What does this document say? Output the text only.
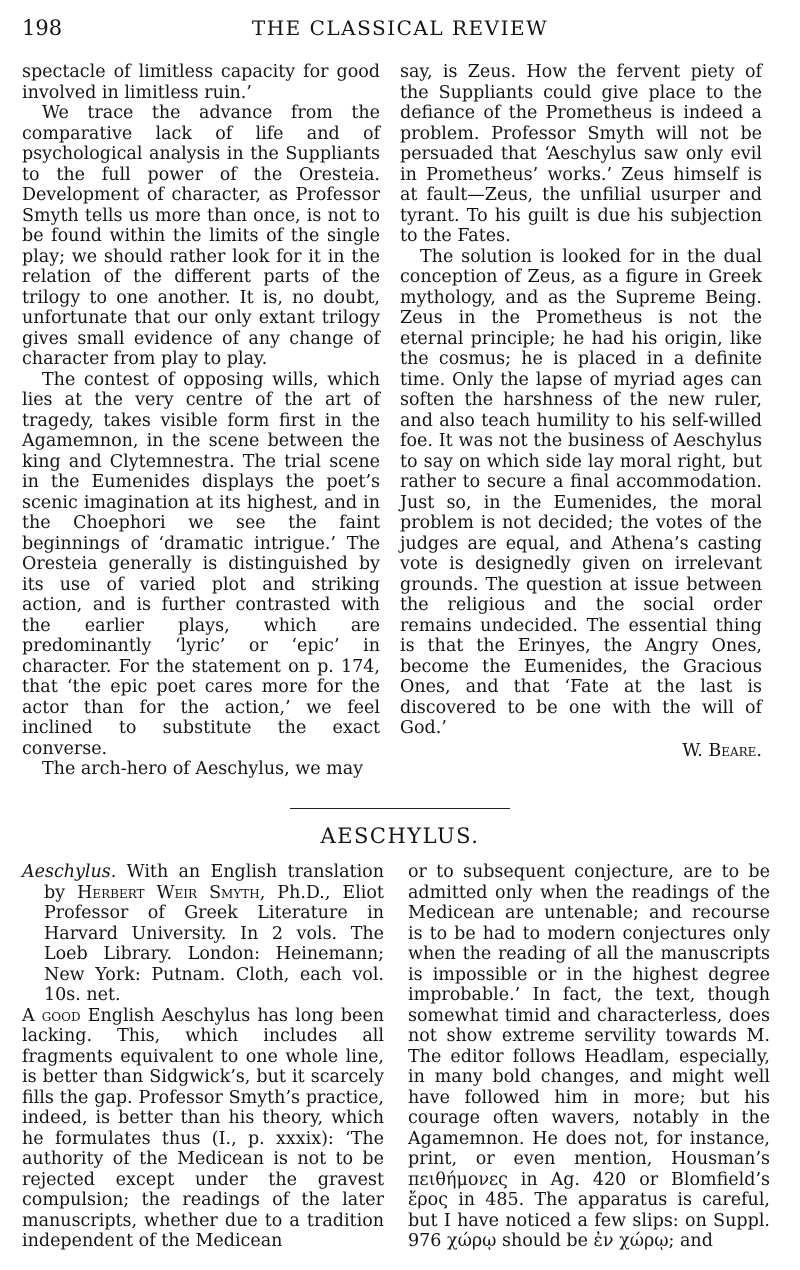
198	THE CLASSICAL REVIEW

spectacle of limitless capacity for good involved in limitless ruin.’

We trace the advance from the comparative lack of life and of psychological analysis in the Suppliants to the full power of the Oresteia. Development of character, as Professor Smyth tells us more than once, is not to be found within the limits of the single play; we should rather look for it in the relation of the different parts of the trilogy to one another. It is, no doubt, unfortunate that our only extant trilogy gives small evidence of any change of character from play to play.

The contest of opposing wills, which lies at the very centre of the art of tragedy, takes visible form first in the Agamemnon, in the scene between the king and Clytemnestra. The trial scene in the Eumenides displays the poet’s scenic imagination at its highest, and in the Choephori we see the faint beginnings of ‘dramatic intrigue.’ The Oresteia generally is distinguished by its use of varied plot and striking action, and is further contrasted with the earlier plays, which are predominantly ‘lyric’ or ‘epic’ in character. For the statement on p. 174, that ‘the epic poet cares more for the actor than for the action,’ we feel inclined to substitute the exact converse.

The arch-hero of Aeschylus, we may

say, is Zeus. How the fervent piety of the Suppliants could give place to the defiance of the Prometheus is indeed a problem. Professor Smyth will not be persuaded that ‘Aeschylus saw only evil in Prometheus’ works.’ Zeus himself is at fault—Zeus, the unfilial usurper and tyrant. To his guilt is due his subjection to the Fates.

The solution is looked for in the dual conception of Zeus, as a figure in Greek mythology, and as the Supreme Being. Zeus in the Prometheus is not the eternal principle; he had his origin, like the cosmus; he is placed in a definite time. Only the lapse of myriad ages can soften the harshness of the new ruler, and also teach humility to his self-willed foe. It was not the business of Aeschylus to say on which side lay moral right, but rather to secure a final accommodation. Just so, in the Eumenides, the moral problem is not decided; the votes of the judges are equal, and Athena’s casting vote is designedly given on irrelevant grounds. The question at issue between the religious and the social order remains undecided. The essential thing is that the Erinyes, the Angry Ones, become the Eumenides, the Gracious Ones, and that ‘Fate at the last is discovered to be one with the will of God.’

W. Beare.
AESCHYLUS.

Aeschylus. With an English translation by Herbert Weir Smyth, Ph.D., Eliot Professor of Greek Literature in Harvard University. In 2 vols. The Loeb Library. London: Heinemann; New York: Putnam. Cloth, each vol. 10s. net.

A good English Aeschylus has long been lacking. This, which includes all fragments equivalent to one whole line, is better than Sidgwick’s, but it scarcely fills the gap. Professor Smyth’s practice, indeed, is better than his theory, which he formulates thus (I., p. xxxix): ‘The authority of the Medicean is not to be rejected except under the gravest compulsion; the readings of the later manuscripts, whether due to a tradition independent of the Medicean

or to subsequent conjecture, are to be admitted only when the readings of the Medicean are untenable; and recourse is to be had to modern conjectures only when the reading of all the manuscripts is impossible or in the highest degree improbable.’ In fact, the text, though somewhat timid and characterless, does not show extreme servility towards M. The editor follows Headlam, especially, in many bold changes, and might well have followed him in more; but his courage often wavers, notably in the Agamemnon. He does not, for instance, print, or even mention, Housman’s πειθήμονες in Ag. 420 or Blomfield’s ἔρος in 485. The apparatus is careful, but I have noticed a few slips: on Suppl. 976 χώρῳ should be ἐν χώρῳ; and
